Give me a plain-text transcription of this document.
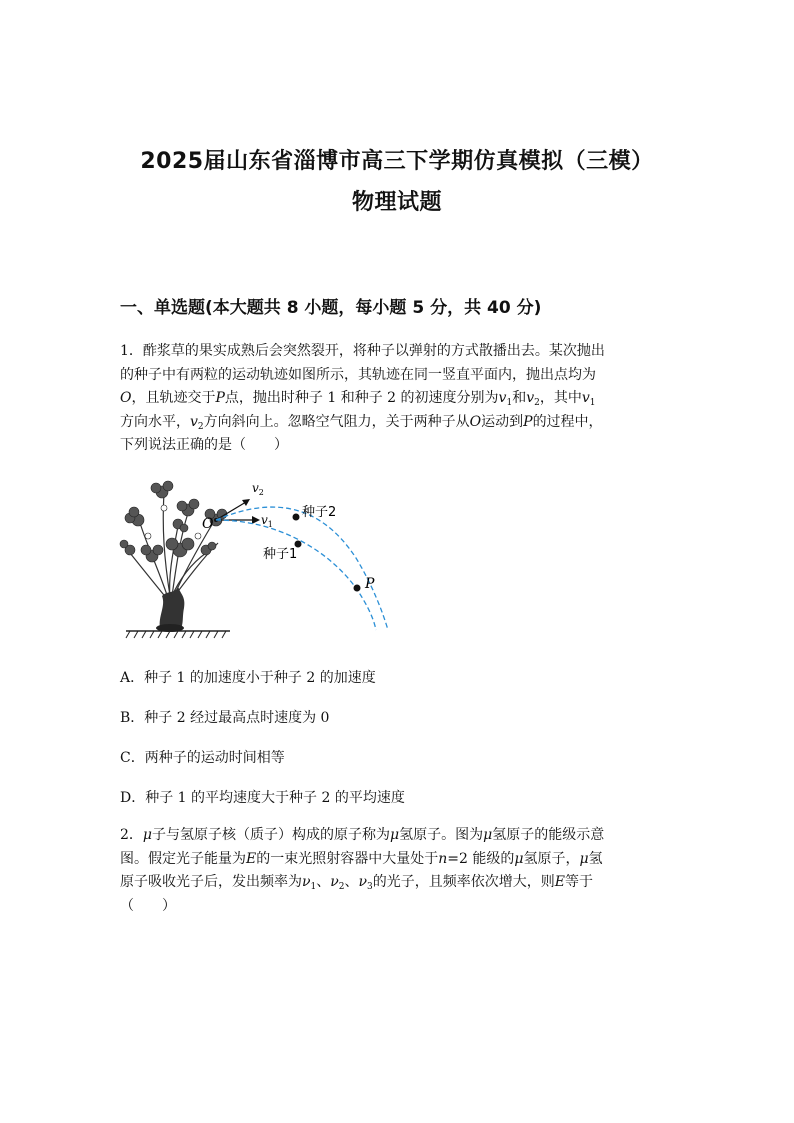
2025届山东省淄博市高三下学期仿真模拟（三模）
物理试题
一、单选题(本大题共 8 小题，每小题 5 分，共 40 分)
1．酢浆草的果实成熟后会突然裂开，将种子以弹射的方式散播出去。某次抛出
的种子中有两粒的运动轨迹如图所示，其轨迹在同一竖直平面内，抛出点均为
O，且轨迹交于P点，抛出时种子 1 和种子 2 的初速度分别为$v_1$和$v_2$，其中$v_1$
方向水平，$v_2$方向斜向上。忽略空气阻力，关于两种子从O运动到P的过程中，
下列说法正确的是（　　）
O
$v_2$
$v_1$
种子2
种子1
P
A．种子 1 的加速度小于种子 2 的加速度
B．种子 2 经过最高点时速度为 0
C．两种子的运动时间相等
D．种子 1 的平均速度大于种子 2 的平均速度
2．μ子与氢原子核（质子）构成的原子称为μ氢原子。图为μ氢原子的能级示意
图。假定光子能量为E的一束光照射容器中大量处于n=2 能级的μ氢原子，μ氢
原子吸收光子后，发出频率为$\nu_1$、$\nu_2$、$\nu_3$的光子，且频率依次增大，则E等于
（　　）
